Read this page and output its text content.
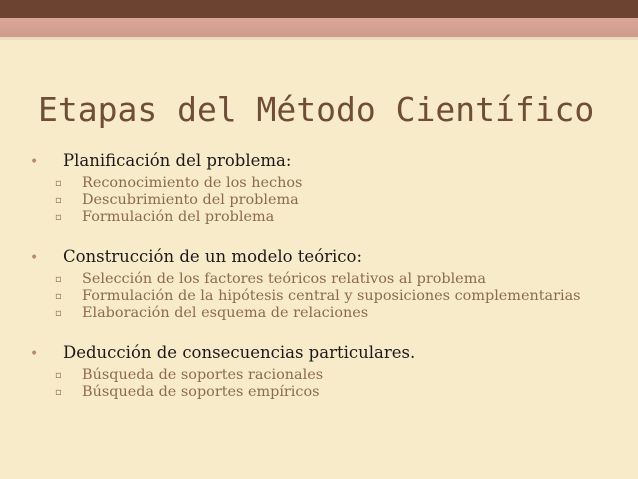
Etapas del Método Científico
•	Planificación del problema:
▫	Reconocimiento de los hechos
▫	Descubrimiento del problema
▫	Formulación del problema
•	Construcción de un modelo teórico:
▫	Selección de los factores teóricos relativos al problema
▫	Formulación de la hipótesis central y suposiciones complementarias
▫	Elaboración del esquema de relaciones
•	Deducción de consecuencias particulares.
▫	Búsqueda de soportes racionales
▫	Búsqueda de soportes empíricos
